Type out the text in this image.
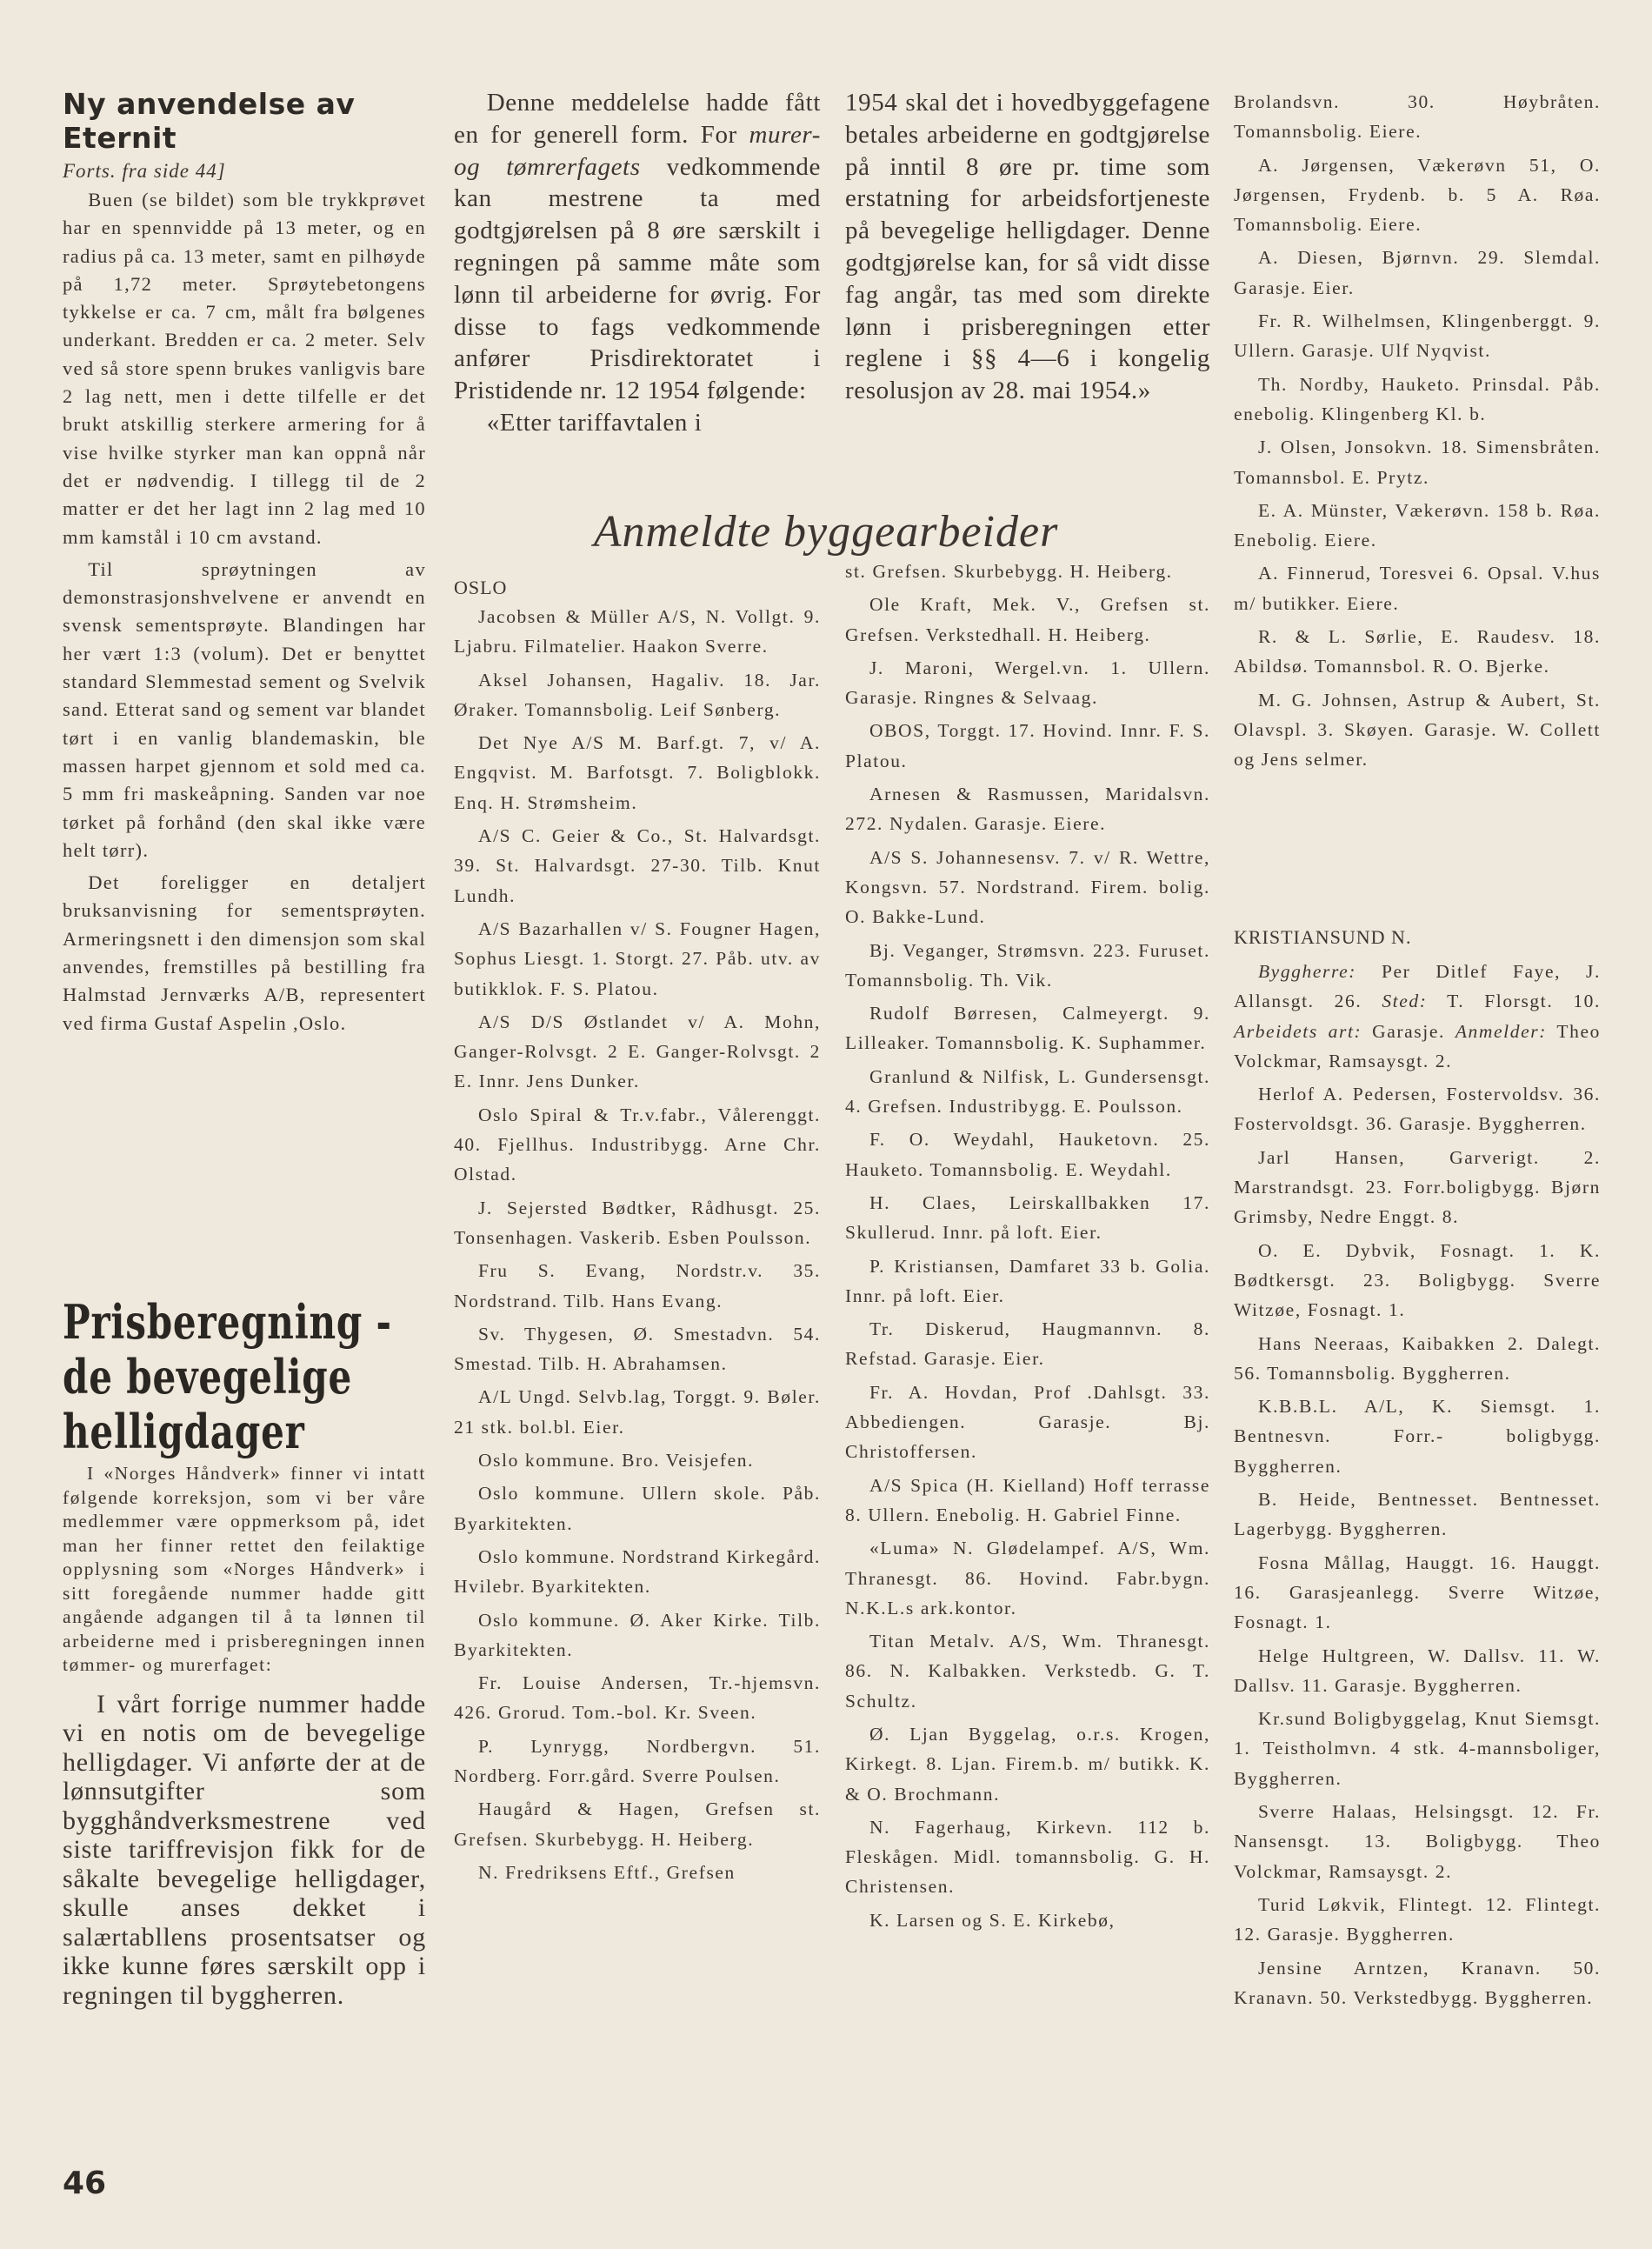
Ny anvendelse av Eternit
Forts. fra side 44]

Buen (se bildet) som ble trykkprøvet har en spennvidde på 13 meter, og en radius på ca. 13 meter, samt en pilhøyde på 1,72 meter. Sprøytebetongens tykkelse er ca. 7 cm, målt fra bølgenes underkant. Bredden er ca. 2 meter. Selv ved så store spenn brukes vanligvis bare 2 lag nett, men i dette tilfelle er det brukt atskillig sterkere armering for å vise hvilke styrker man kan oppnå når det er nødvendig. I tillegg til de 2 matter er det her lagt inn 2 lag med 10 mm kamstål i 10 cm avstand.

Til sprøytningen av demonstrasjonshvelvene er anvendt en svensk sementsprøyte. Blandingen har her vært 1:3 (volum). Det er benyttet standard Slemmestad sement og Svelvik sand. Etterat sand og sement var blandet tørt i en vanlig blandemaskin, ble massen harpet gjennom et sold med ca. 5 mm fri maskeåpning. Sanden var noe tørket på forhånd (den skal ikke være helt tørr).

Det foreligger en detaljert bruksanvisning for sementsprøyten. Armeringsnett i den dimensjon som skal anvendes, fremstilles på bestilling fra Halmstad Jernværks A/B, representert ved firma Gustaf Aspelin ,Oslo.

Prisberegning -
de bevegelige
helligdager

I «Norges Håndverk» finner vi intatt følgende korreksjon, som vi ber våre medlemmer være oppmerksom på, idet man her finner rettet den feilaktige opplysning som «Norges Håndverk» i sitt foregående nummer hadde gitt angående adgangen til å ta lønnen til arbeiderne med i prisberegningen innen tømmer- og murerfaget:

I vårt forrige nummer hadde vi en notis om de bevegelige helligdager. Vi anførte der at de lønnsutgifter som bygghåndverksmestrene ved siste tariffrevisjon fikk for de såkalte bevegelige helligdager, skulle anses dekket i salærtabllens prosentsatser og ikke kunne føres særskilt opp i regningen til byggherren.

Denne meddelelse hadde fått en for generell form. For murer- og tømrerfagets vedkommende kan mestrene ta med godtgjørelsen på 8 øre særskilt i regningen på samme måte som lønn til arbeiderne for øvrig. For disse to fags vedkommende anfører Prisdirektoratet i Pristidende nr. 12 1954 følgende:

«Etter tariffavtalen i

1954 skal det i hovedbyggefagene betales arbeiderne en godtgjørelse på inntil 8 øre pr. time som erstatning for arbeidsfortjeneste på bevegelige helligdager. Denne godtgjørelse kan, for så vidt disse fag angår, tas med som direkte lønn i prisberegningen etter reglene i §§ 4—6 i kongelig resolusjon av 28. mai 1954.»

Anmeldte byggearbeider

OSLO

Jacobsen & Müller A/S, N. Vollgt. 9. Ljabru. Filmatelier. Haakon Sverre.

Aksel Johansen, Hagaliv. 18. Jar. Øraker. Tomannsbolig. Leif Sønberg.

Det Nye A/S M. Barf.gt. 7, v/ A. Engqvist. M. Barfotsgt. 7. Boligblokk. Enq. H. Strømsheim.

A/S C. Geier & Co., St. Halvardsgt. 39. St. Halvardsgt. 27-30. Tilb. Knut Lundh.

A/S Bazarhallen v/ S. Fougner Hagen, Sophus Liesgt. 1. Storgt. 27. Påb. utv. av butikklok. F. S. Platou.

A/S D/S Østlandet v/ A. Mohn, Ganger-Rolvsgt. 2 E. Ganger-Rolvsgt. 2 E. Innr. Jens Dunker.

Oslo Spiral & Tr.v.fabr., Vålerenggt. 40. Fjellhus. Industribygg. Arne Chr. Olstad.

J. Sejersted Bødtker, Rådhusgt. 25. Tonsenhagen. Vaskerib. Esben Poulsson.

Fru S. Evang, Nordstr.v. 35. Nordstrand. Tilb. Hans Evang.

Sv. Thygesen, Ø. Smestadvn. 54. Smestad. Tilb. H. Abrahamsen.

A/L Ungd. Selvb.lag, Torggt. 9. Bøler. 21 stk. bol.bl. Eier.

Oslo kommune. Bro. Veisjefen.

Oslo kommune. Ullern skole. Påb. Byarkitekten.

Oslo kommune. Nordstrand Kirkegård. Hvilebr. Byarkitekten.

Oslo kommune. Ø. Aker Kirke. Tilb. Byarkitekten.

Fr. Louise Andersen, Tr.-hjemsvn. 426. Grorud. Tom.-bol. Kr. Sveen.

P. Lynrygg, Nordbergvn. 51. Nordberg. Forr.gård. Sverre Poulsen.

Haugård & Hagen, Grefsen st. Grefsen. Skurbebygg. H. Heiberg.

N. Fredriksens Eftf., Grefsen

st. Grefsen. Skurbebygg. H. Heiberg.

Ole Kraft, Mek. V., Grefsen st. Grefsen. Verkstedhall. H. Heiberg.

J. Maroni, Wergel.vn. 1. Ullern. Garasje. Ringnes & Selvaag.

OBOS, Torggt. 17. Hovind. Innr. F. S. Platou.

Arnesen & Rasmussen, Maridalsvn. 272. Nydalen. Garasje. Eiere.

A/S S. Johannesensv. 7. v/ R. Wettre, Kongsvn. 57. Nordstrand. Firem. bolig. O. Bakke-Lund.

Bj. Veganger, Strømsvn. 223. Furuset. Tomannsbolig. Th. Vik.

Rudolf Børresen, Calmeyergt. 9. Lilleaker. Tomannsbolig. K. Suphammer.

Granlund & Nilfisk, L. Gundersensgt. 4. Grefsen. Industribygg. E. Poulsson.

F. O. Weydahl, Hauketovn. 25. Hauketo. Tomannsbolig. E. Weydahl.

H. Claes, Leirskallbakken 17. Skullerud. Innr. på loft. Eier.

P. Kristiansen, Damfaret 33 b. Golia. Innr. på loft. Eier.

Tr. Diskerud, Haugmannvn. 8. Refstad. Garasje. Eier.

Fr. A. Hovdan, Prof .Dahlsgt. 33. Abbediengen. Garasje. Bj. Christoffersen.

A/S Spica (H. Kielland) Hoff terrasse 8. Ullern. Enebolig. H. Gabriel Finne.

«Luma» N. Glødelampef. A/S, Wm. Thranesgt. 86. Hovind. Fabr.bygn. N.K.L.s ark.kontor.

Titan Metalv. A/S, Wm. Thranesgt. 86. N. Kalbakken. Verkstedb. G. T. Schultz.

Ø. Ljan Byggelag, o.r.s. Krogen, Kirkegt. 8. Ljan. Firem.b. m/ butikk. K. & O. Brochmann.

N. Fagerhaug, Kirkevn. 112 b. Fleskågen. Midl. tomannsbolig. G. H. Christensen.

K. Larsen og S. E. Kirkebø,

Brolandsvn. 30. Høybråten. Tomannsbolig. Eiere.

A. Jørgensen, Vækerøvn 51, O. Jørgensen, Frydenb. b. 5 A. Røa. Tomannsbolig. Eiere.

A. Diesen, Bjørnvn. 29. Slemdal. Garasje. Eier.

Fr. R. Wilhelmsen, Klingenberggt. 9. Ullern. Garasje. Ulf Nyqvist.

Th. Nordby, Hauketo. Prinsdal. Påb. enebolig. Klingenberg Kl. b.

J. Olsen, Jonsokvn. 18. Simensbråten. Tomannsbol. E. Prytz.

E. A. Münster, Vækerøvn. 158 b. Røa. Enebolig. Eiere.

A. Finnerud, Toresvei 6. Opsal. V.hus m/ butikker. Eiere.

R. & L. Sørlie, E. Raudesv. 18. Abildsø. Tomannsbol. R. O. Bjerke.

M. G. Johnsen, Astrup & Aubert, St. Olavspl. 3. Skøyen. Garasje. W. Collett og Jens selmer.

KRISTIANSUND N.

Byggherre: Per Ditlef Faye, J. Allansgt. 26. Sted: T. Florsgt. 10. Arbeidets art: Garasje. Anmelder: Theo Volckmar, Ramsaysgt. 2.

Herlof A. Pedersen, Fostervoldsv. 36. Fostervoldsgt. 36. Garasje. Byggherren.

Jarl Hansen, Garverigt. 2. Marstrandsgt. 23. Forr.boligbygg. Bjørn Grimsby, Nedre Enggt. 8.

O. E. Dybvik, Fosnagt. 1. K. Bødtkersgt. 23. Boligbygg. Sverre Witzøe, Fosnagt. 1.

Hans Neeraas, Kaibakken 2. Dalegt. 56. Tomannsbolig. Byggherren.

K.B.B.L. A/L, K. Siemsgt. 1. Bentnesvn. Forr.- boligbygg. Byggherren.

B. Heide, Bentnesset. Bentnesset. Lagerbygg. Byggherren.

Fosna Mållag, Hauggt. 16. Hauggt. 16. Garasjeanlegg. Sverre Witzøe, Fosnagt. 1.

Helge Hultgreen, W. Dallsv. 11. W. Dallsv. 11. Garasje. Byggherren.

Kr.sund Boligbyggelag, Knut Siemsgt. 1. Teistholmvn. 4 stk. 4-mannsboliger, Byggherren.

Sverre Halaas, Helsingsgt. 12. Fr. Nansensgt. 13. Boligbygg. Theo Volckmar, Ramsaysgt. 2.

Turid Løkvik, Flintegt. 12. Flintegt. 12. Garasje. Byggherren.

Jensine Arntzen, Kranavn. 50. Kranavn. 50. Verkstedbygg. Byggherren.

46
